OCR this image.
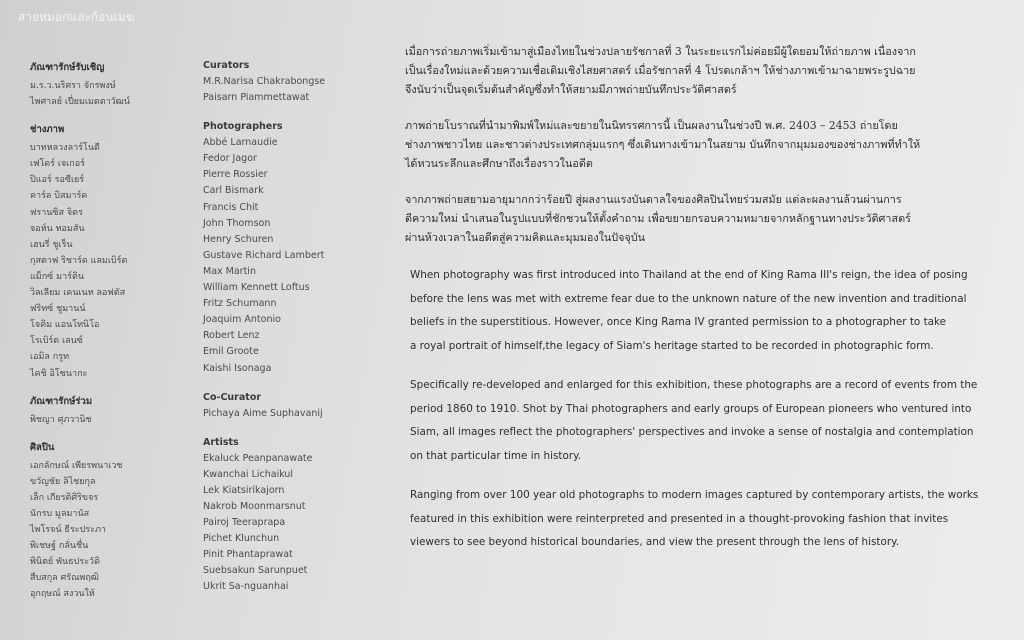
สายหมอกและก้อนเมฆ
ภัณฑารักษ์รับเชิญ
ม.ร.ว.นริศรา จักรพงษ์
ไพศาลย์ เปี่ยมเมตตาวัฒน์
ช่างภาพ
บาทหลวงลาร์โนดี
เฟโดร์ เจเกอร์
ปิแอร์ รอซีเยร์
คาร์ล บิสมาร์ค
ฟรานซิส จิตร
จอห์น ทอมสัน
เฮนรี่ ชูเร็น
กุสตาฟ ริชาร์ด แลมเบิร์ต
แม็กซ์ มาร์ติน
วิลเลียม เคนเนท ลอฟตัส
ฟริทซ์ ชูมานน์
โจคิม แอนโทนิโอ
โรเบิร์ต เลนซ์
เอมิล กรูท
ไคชิ อิโซนากะ
ภัณฑารักษ์ร่วม
พิชญา ศุภวานิช
ศิลปิน
เอกลักษณ์ เพียรพนาเวช
ขวัญชัย ลิไชยกุล
เล็ก เกียรติศิริขจร
นักรบ มูลมานัส
ไพโรจน์ ธีระประภา
พิเชษฐ์ กลั่นชื่น
พินิตย์ พันธประวัติ
สืบสกุล ศรัณพฤฒิ
อุกฤษณ์ สงวนให้
Curators
M.R.Narisa Chakrabongse
Paisarn Piammettawat
Photographers
Abbé Larnaudie
Fedor Jagor
Pierre Rossier
Carl Bismark
Francis Chit
John Thomson
Henry Schuren
Gustave Richard Lambert
Max Martin
William Kennett Loftus
Fritz Schumann
Joaquim Antonio
Robert Lenz
Emil Groote
Kaishi Isonaga
Co-Curator
Pichaya Aime Suphavanij
Artists
Ekaluck Peanpanawate
Kwanchai Lichaikul
Lek Kiatsirikajorn
Nakrob Moonmarsnut
Pairoj Teeraprapa
Pichet Klunchun
Pinit Phantaprawat
Suebsakun Sarunpuet
Ukrit Sa-nguanhai

เมื่อการถ่ายภาพเริ่มเข้ามาสู่เมืองไทยในช่วงปลายรัชกาลที่ 3 ในระยะแรกไม่ค่อยมีผู้ใดยอมให้ถ่ายภาพ เนื่องจาก
เป็นเรื่องใหม่และด้วยความเชื่อเดิมเชิงไสยศาสตร์ เมื่อรัชกาลที่ 4 โปรดเกล้าฯ ให้ช่างภาพเข้ามาฉายพระรูปฉาย
จึงนับว่าเป็นจุดเริ่มต้นสำคัญซึ่งทำให้สยามมีภาพถ่ายบันทึกประวัติศาสตร์

ภาพถ่ายโบราณที่นำมาพิมพ์ใหม่และขยายในนิทรรศการนี้ เป็นผลงานในช่วงปี พ.ศ. 2403 – 2453 ถ่ายโดย
ช่างภาพชาวไทย และชาวต่างประเทศกลุ่มแรกๆ ซึ่งเดินทางเข้ามาในสยาม บันทึกจากมุมมองของช่างภาพที่ทำให้
ได้หวนระลึกและศึกษาถึงเรื่องราวในอดีต

จากภาพถ่ายสยามอายุมากกว่าร้อยปี สู่ผลงานแรงบันดาลใจของศิลปินไทยร่วมสมัย แต่ละผลงานล้วนผ่านการ
ตีความใหม่ นำเสนอในรูปแบบที่ชักชวนให้ตั้งคำถาม เพื่อขยายกรอบความหมายจากหลักฐานทางประวัติศาสตร์
ผ่านห้วงเวลาในอดีตสู่ความคิดและมุมมองในปัจจุบัน

When photography was first introduced into Thailand at the end of King Rama III's reign, the idea of posing
before the lens was met with extreme fear due to the unknown nature of the new invention and traditional
beliefs in the superstitious. However, once King Rama IV granted permission to a photographer to take
a royal portrait of himself,the legacy of Siam's heritage started to be recorded in photographic form.

Specifically re-developed and enlarged for this exhibition, these photographs are a record of events from the
period 1860 to 1910. Shot by Thai photographers and early groups of European pioneers who ventured into
Siam, all images reflect the photographers' perspectives and invoke a sense of nostalgia and contemplation
on that particular time in history.

Ranging from over 100 year old photographs to modern images captured by contemporary artists, the works
featured in this exhibition were reinterpreted and presented in a thought-provoking fashion that invites
viewers to see beyond historical boundaries, and view the present through the lens of history.
